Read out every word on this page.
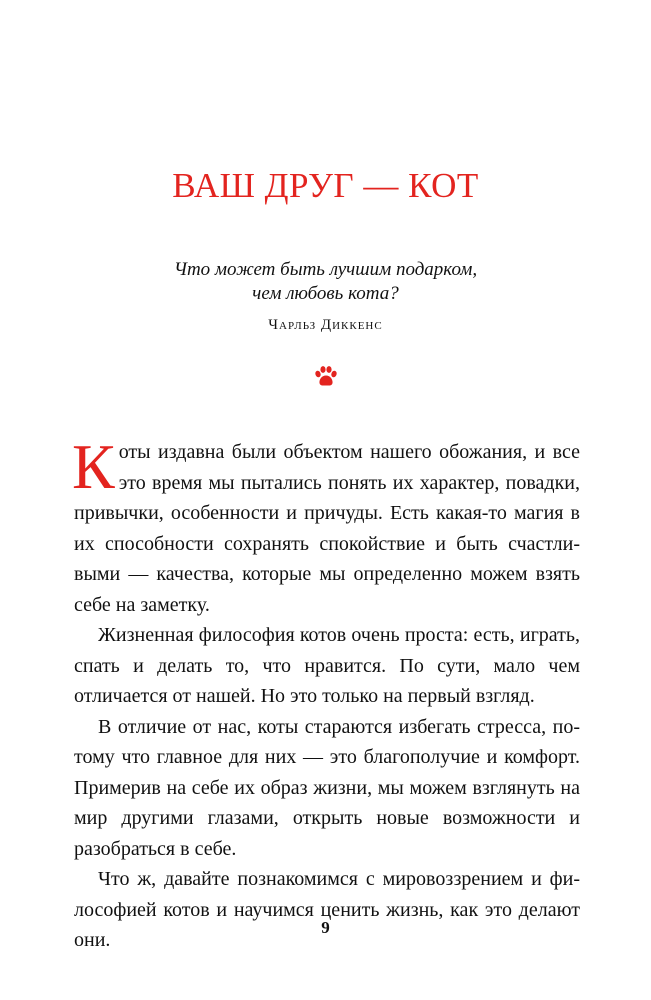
ВАШ ДРУГ — КОТ
Что может быть лучшим подарком,
чем любовь кота?
Чарльз Диккенс

Коты издавна были объектом нашего обожания, и все это время мы пытались понять их характер, повадки, привычки, особенности и причуды. Есть какая-то магия в их способности сохранять спокойствие и быть счастливыми — качества, которые мы определенно можем взять себе на заметку.

Жизненная философия котов очень проста: есть, играть, спать и делать то, что нравится. По сути, мало чем отличается от нашей. Но это только на первый взгляд.

В отличие от нас, коты стараются избегать стресса, потому что главное для них — это благополучие и комфорт. Примерив на себе их образ жизни, мы можем взглянуть на мир другими глазами, открыть новые возможности и разобраться в себе.

Что ж, давайте познакомимся с мировоззрением и философией котов и научимся ценить жизнь, как это делают они.

9
